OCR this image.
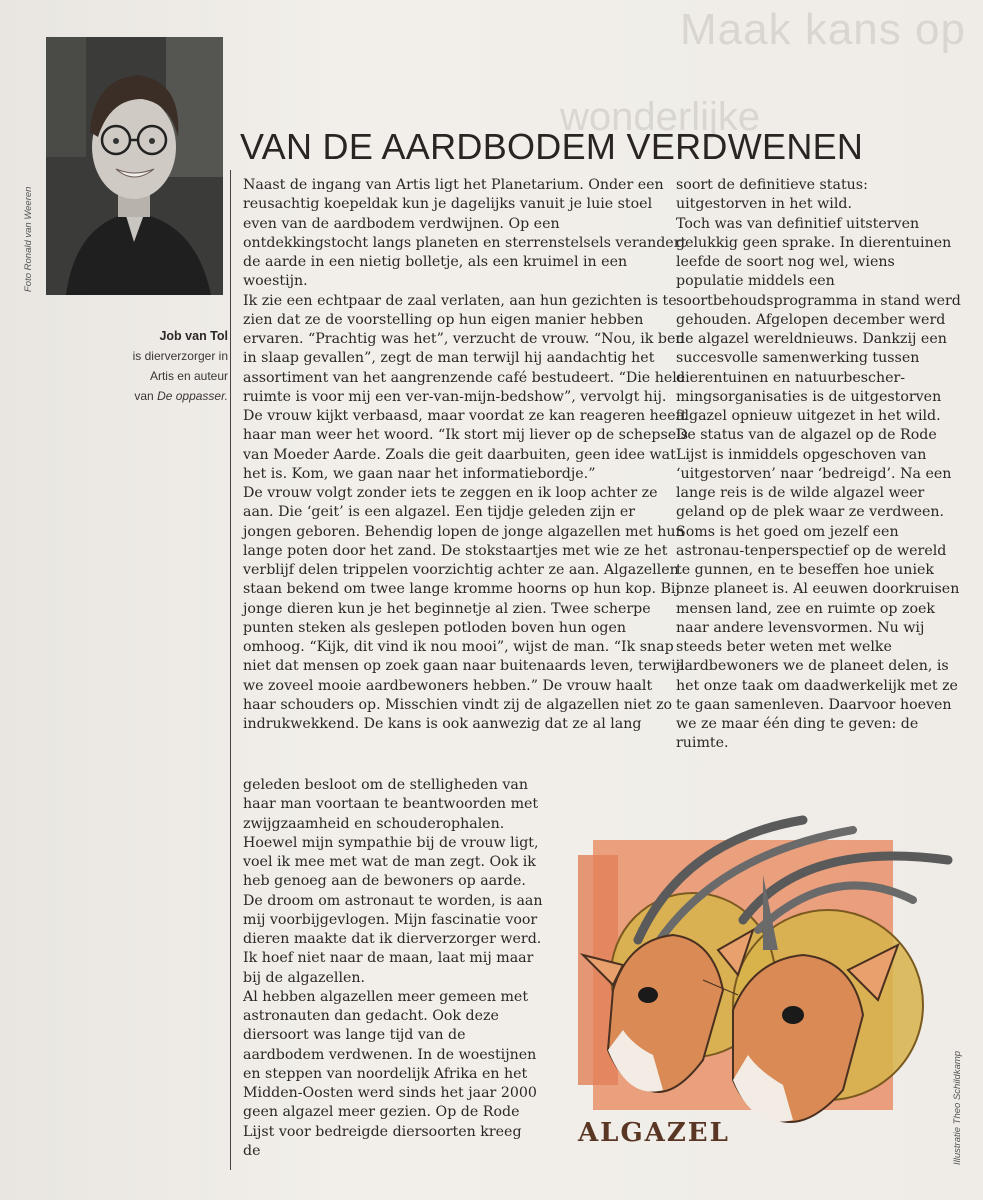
Maak kans op
wonderlijke
Foto Ronald van Weeren
Job van Tol
is dierverzorger in
Artis en auteur
van De oppasser.
VAN DE AARDBODEM VERDWENEN

Naast de ingang van Artis ligt het Planetarium. Onder een reusachtig koepeldak kun je dagelijks vanuit je luie stoel even van de aardbodem verdwijnen. Op een ontdekkingstocht langs planeten en sterrenstelsels verandert de aarde in een nietig bolletje, als een kruimel in een woestijn.

Ik zie een echtpaar de zaal verlaten, aan hun gezichten is te zien dat ze de voorstelling op hun eigen manier hebben ervaren. “Prachtig was het”, verzucht de vrouw. “Nou, ik ben in slaap gevallen”, zegt de man terwijl hij aandachtig het assortiment van het aangrenzende café bestudeert. “Die hele ruimte is voor mij een ver-van-mijn-bedshow”, vervolgt hij. De vrouw kijkt verbaasd, maar voordat ze kan reageren heeft haar man weer het woord. “Ik stort mij liever op de schepsels van Moeder Aarde. Zoals die geit daarbuiten, geen idee wat het is. Kom, we gaan naar het informatiebordje.”

De vrouw volgt zonder iets te zeggen en ik loop achter ze aan. Die ‘geit’ is een algazel. Een tijdje geleden zijn er jongen geboren. Behendig lopen de jonge algazellen met hun lange poten door het zand. De stokstaartjes met wie ze het verblijf delen trippelen voorzichtig achter ze aan. Algazellen staan bekend om twee lange kromme hoorns op hun kop. Bij jonge dieren kun je het beginnetje al zien. Twee scherpe punten steken als geslepen potloden boven hun ogen omhoog. “Kijk, dit vind ik nou mooi”, wijst de man. “Ik snap niet dat mensen op zoek gaan naar buitenaards leven, terwijl we zoveel mooie aardbewoners hebben.” De vrouw haalt haar schouders op. Misschien vindt zij de algazellen niet zo indrukwekkend. De kans is ook aanwezig dat ze al lang

geleden besloot om de stelligheden van haar man voortaan te beantwoorden met zwijgzaamheid en schouderophalen.

Hoewel mijn sympathie bij de vrouw ligt, voel ik mee met wat de man zegt. Ook ik heb genoeg aan de bewoners op aarde. De droom om astronaut te worden, is aan mij voorbijgevlogen. Mijn fascinatie voor dieren maakte dat ik dierverzorger werd. Ik hoef niet naar de maan, laat mij maar bij de algazellen.

Al hebben algazellen meer gemeen met astronauten dan gedacht. Ook deze diersoort was lange tijd van de aardbodem verdwenen. In de woestijnen en steppen van noordelijk Afrika en het Midden-Oosten werd sinds het jaar 2000 geen algazel meer gezien. Op de Rode Lijst voor bedreigde diersoorten kreeg de

soort de definitieve status: uitgestorven in het wild.

Toch was van definitief uitsterven gelukkig geen sprake. In dierentuinen leefde de soort nog wel, wiens populatie middels een soortbehoudsprogramma in stand werd gehouden. Afgelopen december werd de algazel wereldnieuws. Dankzij een succesvolle samenwerking tussen dierentuinen en natuurbescher-mingsorganisaties is de uitgestorven algazel opnieuw uitgezet in het wild. De status van de algazel op de Rode Lijst is inmiddels opgeschoven van ‘uitgestorven’ naar ‘bedreigd’. Na een lange reis is de wilde algazel weer geland op de plek waar ze verdween.

Soms is het goed om jezelf een astronau-tenperspectief op de wereld te gunnen, en te beseffen hoe uniek onze planeet is. Al eeuwen doorkruisen mensen land, zee en ruimte op zoek naar andere levensvormen. Nu wij steeds beter weten met welke aardbewoners we de planeet delen, is het onze taak om daadwerkelijk met ze te gaan samenleven. Daarvoor hoeven we ze maar één ding te geven: de ruimte.

ALGAZEL	Illustratie Theo Schildkamp
